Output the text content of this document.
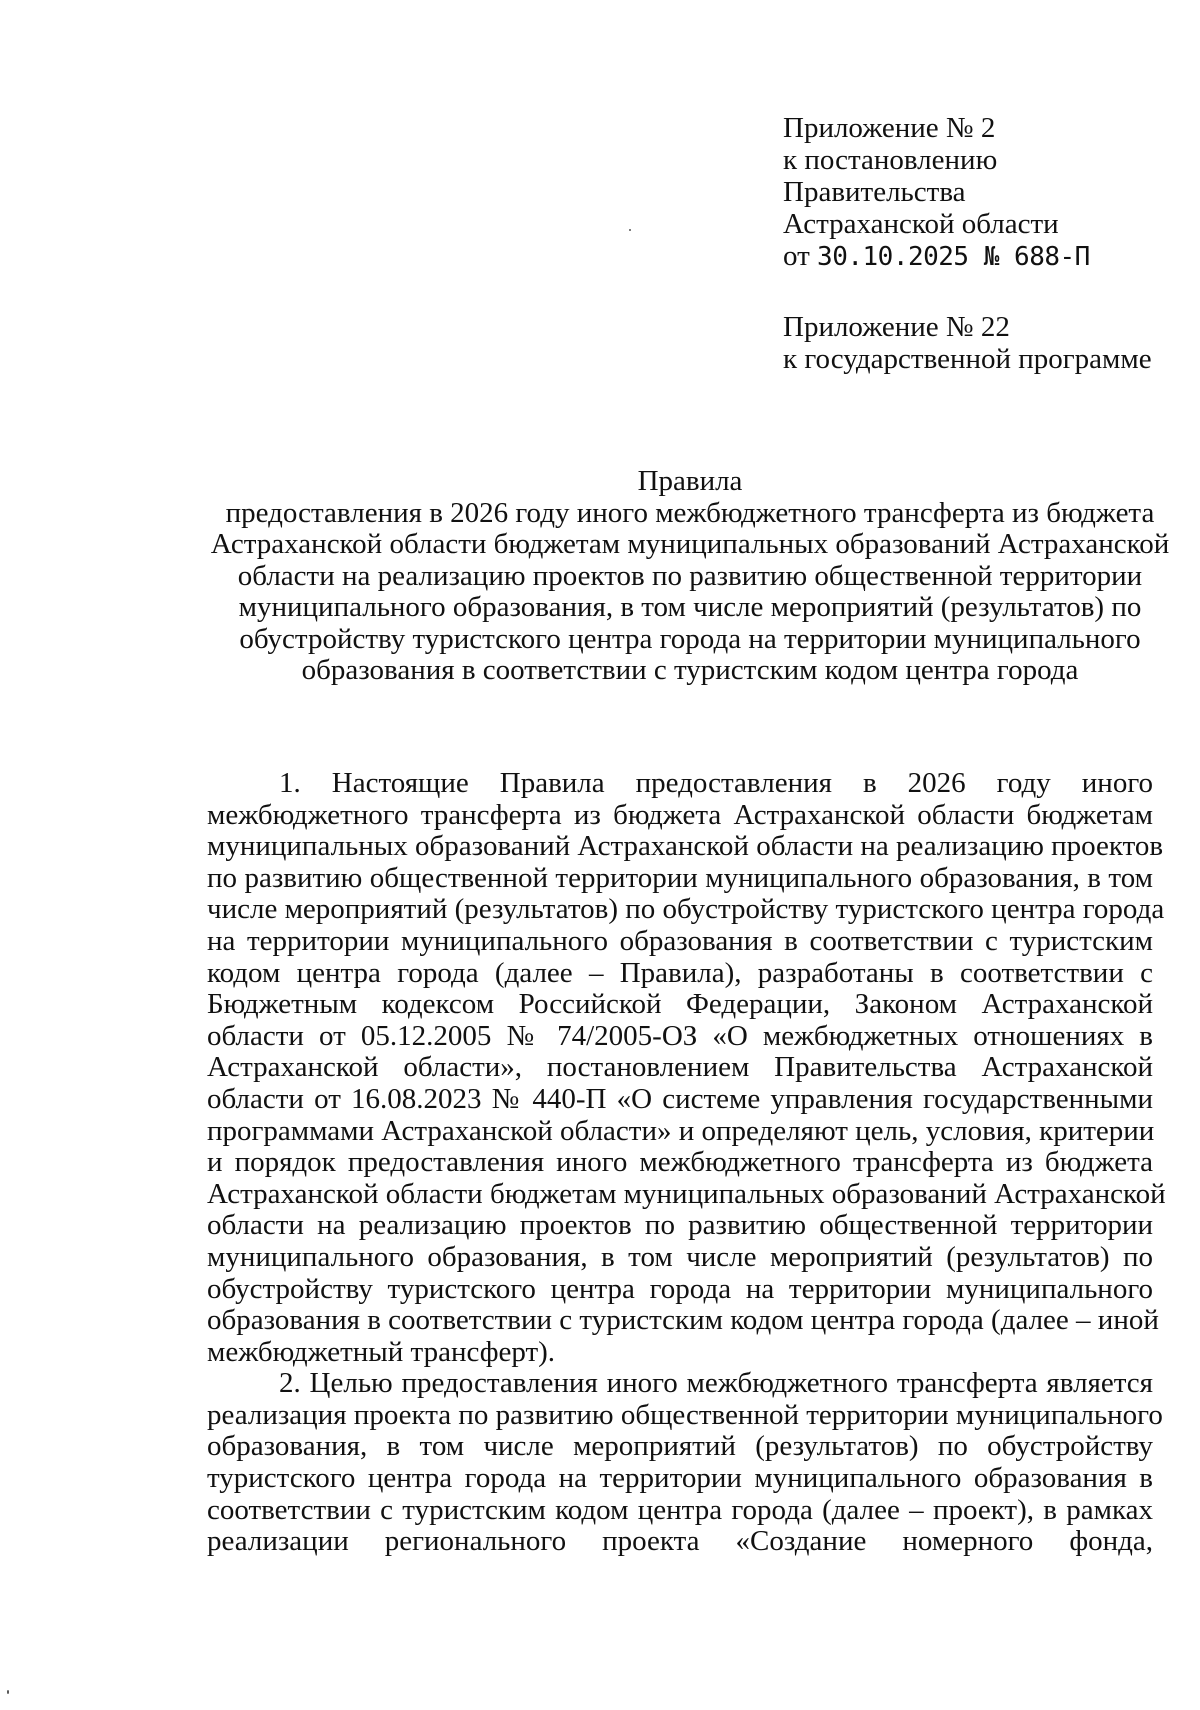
Приложение № 2
к постановлению
Правительства
Астраханской области
от 30.10.2025 № 688-П
Приложение № 22
к государственной программе
Правила
предоставления в 2026 году иного межбюджетного трансферта из бюджета
Астраханской области бюджетам муниципальных образований Астраханской
области на реализацию проектов по развитию общественной территории
муниципального образования, в том числе мероприятий (результатов) по
обустройству туристского центра города на территории муниципального
образования в соответствии с туристским кодом центра города
1. Настоящие Правила предоставления в 2026 году иного
межбюджетного трансферта из бюджета Астраханской области бюджетам
муниципальных образований Астраханской области на реализацию проектов
по развитию общественной территории муниципального образования, в том
числе мероприятий (результатов) по обустройству туристского центра города
на территории муниципального образования в соответствии с туристским
кодом центра города (далее – Правила), разработаны в соответствии с
Бюджетным кодексом Российской Федерации, Законом Астраханской
области от 05.12.2005 № 74/2005-ОЗ «О межбюджетных отношениях в
Астраханской области», постановлением Правительства Астраханской
области от 16.08.2023 № 440-П «О системе управления государственными
программами Астраханской области» и определяют цель, условия, критерии
и порядок предоставления иного межбюджетного трансферта из бюджета
Астраханской области бюджетам муниципальных образований Астраханской
области на реализацию проектов по развитию общественной территории
муниципального образования, в том числе мероприятий (результатов) по
обустройству туристского центра города на территории муниципального
образования в соответствии с туристским кодом центра города (далее – иной
межбюджетный трансферт).
2. Целью предоставления иного межбюджетного трансферта является
реализация проекта по развитию общественной территории муниципального
образования, в том числе мероприятий (результатов) по обустройству
туристского центра города на территории муниципального образования в
соответствии с туристским кодом центра города (далее – проект), в рамках
реализации регионального проекта «Создание номерного фонда,
